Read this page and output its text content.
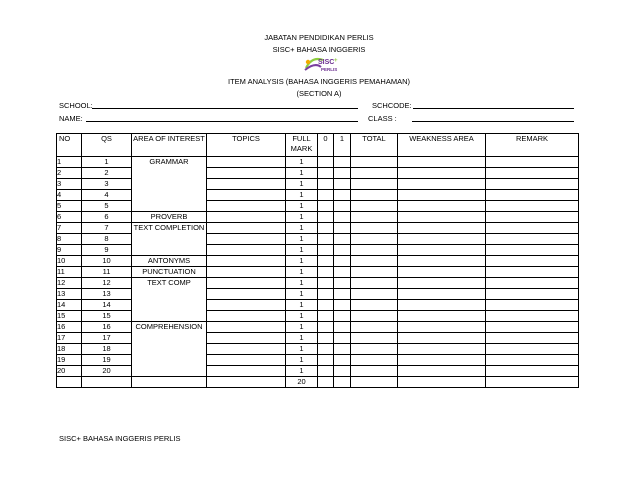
JABATAN PENDIDIKAN PERLIS
SISC+ BAHASA INGGERIS
SISC +
PERLIS
ITEM ANALYSIS (BAHASA INGGERIS PEMAHAMAN)
(SECTION A)
SCHOOL:	SCHCODE:
NAME:	CLASS :
NO	QS	AREA OF INTEREST	TOPICS	FULL MARK	0	1	TOTAL	WEAKNESS AREA	REMARK
1	1	GRAMMAR		1					
2	2			1					
3	3			1					
4	4			1					
5	5			1					
6	6	PROVERB		1					
7	7	TEXT COMPLETION		1					
8	8			1					
9	9			1					
10	10	ANTONYMS		1					
11	11	PUNCTUATION		1					
12	12	TEXT COMP		1					
13	13			1					
14	14			1					
15	15			1					
16	16	COMPREHENSION		1					
17	17			1					
18	18			1					
19	19			1					
20	20			1					
				20					
SISC+ BAHASA INGGERIS PERLIS
